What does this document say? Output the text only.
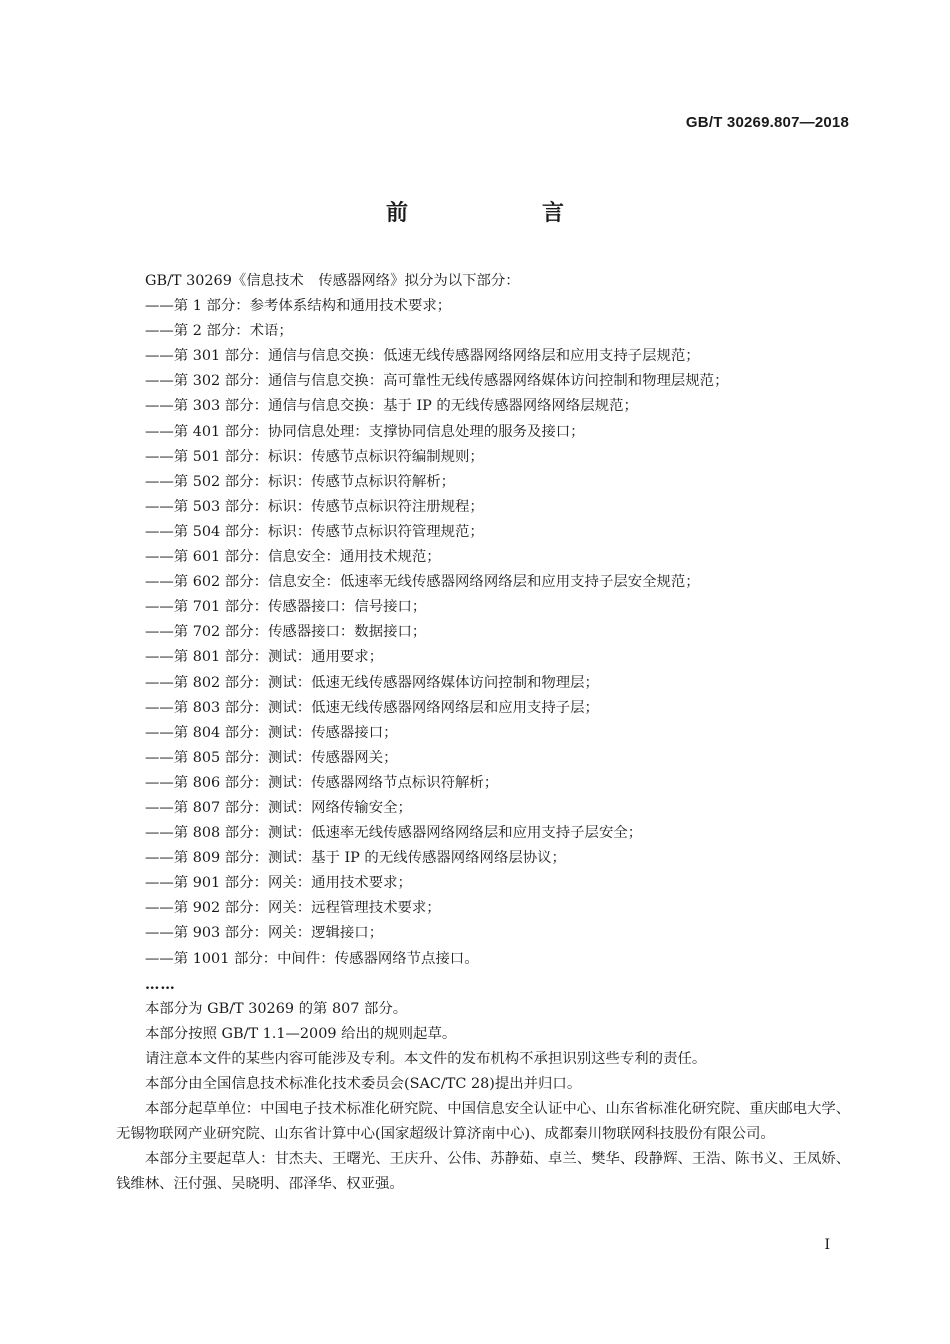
GB/T 30269.807—2018
前　言
GB/T 30269《信息技术　传感器网络》拟分为以下部分：
——第 1 部分：参考体系结构和通用技术要求；
——第 2 部分：术语；
——第 301 部分：通信与信息交换：低速无线传感器网络网络层和应用支持子层规范；
——第 302 部分：通信与信息交换：高可靠性无线传感器网络媒体访问控制和物理层规范；
——第 303 部分：通信与信息交换：基于 IP 的无线传感器网络网络层规范；
——第 401 部分：协同信息处理：支撑协同信息处理的服务及接口；
——第 501 部分：标识：传感节点标识符编制规则；
——第 502 部分：标识：传感节点标识符解析；
——第 503 部分：标识：传感节点标识符注册规程；
——第 504 部分：标识：传感节点标识符管理规范；
——第 601 部分：信息安全：通用技术规范；
——第 602 部分：信息安全：低速率无线传感器网络网络层和应用支持子层安全规范；
——第 701 部分：传感器接口：信号接口；
——第 702 部分：传感器接口：数据接口；
——第 801 部分：测试：通用要求；
——第 802 部分：测试：低速无线传感器网络媒体访问控制和物理层；
——第 803 部分：测试：低速无线传感器网络网络层和应用支持子层；
——第 804 部分：测试：传感器接口；
——第 805 部分：测试：传感器网关；
——第 806 部分：测试：传感器网络节点标识符解析；
——第 807 部分：测试：网络传输安全；
——第 808 部分：测试：低速率无线传感器网络网络层和应用支持子层安全；
——第 809 部分：测试：基于 IP 的无线传感器网络网络层协议；
——第 901 部分：网关：通用技术要求；
——第 902 部分：网关：远程管理技术要求；
——第 903 部分：网关：逻辑接口；
——第 1001 部分：中间件：传感器网络节点接口。
……
本部分为 GB/T 30269 的第 807 部分。
本部分按照 GB/T 1.1—2009 给出的规则起草。
请注意本文件的某些内容可能涉及专利。本文件的发布机构不承担识别这些专利的责任。
本部分由全国信息技术标准化技术委员会(SAC/TC 28)提出并归口。
本部分起草单位：中国电子技术标准化研究院、中国信息安全认证中心、山东省标准化研究院、重庆邮电大学、无锡物联网产业研究院、山东省计算中心(国家超级计算济南中心)、成都秦川物联网科技股份有限公司。
本部分主要起草人：甘杰夫、王曙光、王庆升、公伟、苏静茹、卓兰、樊华、段静辉、王浩、陈书义、王凤娇、钱维林、汪付强、吴晓明、邵泽华、权亚强。
I
